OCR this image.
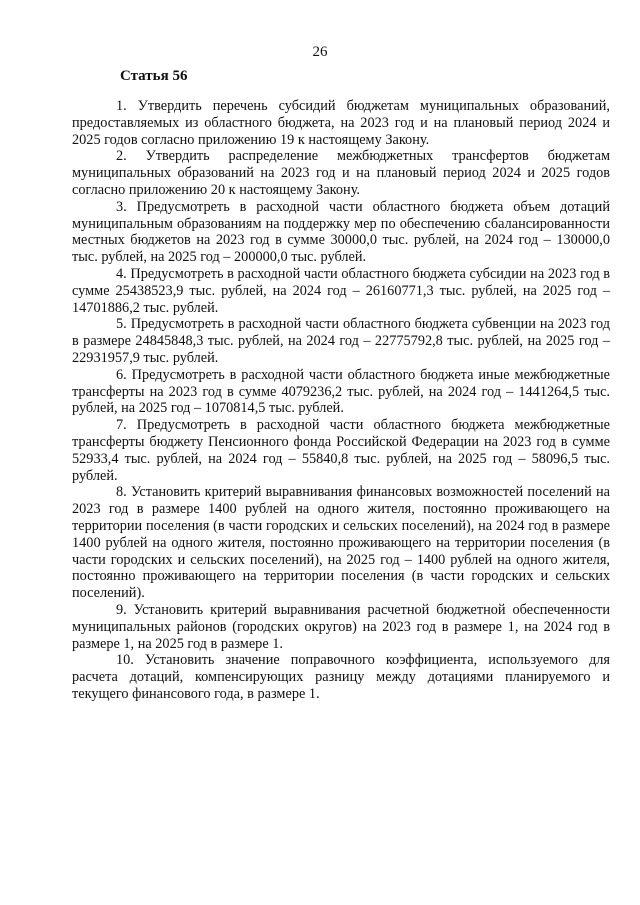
26
Статья 56

1. Утвердить перечень субсидий бюджетам муниципальных образований, предоставляемых из областного бюджета, на 2023 год и на плановый период 2024 и 2025 годов согласно приложению 19 к настоящему Закону.

2. Утвердить распределение межбюджетных трансфертов бюджетам муниципальных образований на 2023 год и на плановый период 2024 и 2025 годов согласно приложению 20 к настоящему Закону.

3. Предусмотреть в расходной части областного бюджета объем дотаций муниципальным образованиям на поддержку мер по обеспечению сбалансированности местных бюджетов на 2023 год в сумме 30000,0 тыс. рублей, на 2024 год – 130000,0 тыс. рублей, на 2025 год – 200000,0 тыс. рублей.

4. Предусмотреть в расходной части областного бюджета субсидии на 2023 год в сумме 25438523,9 тыс. рублей, на 2024 год – 26160771,3 тыс. рублей, на 2025 год – 14701886,2 тыс. рублей.

5. Предусмотреть в расходной части областного бюджета субвенции на 2023 год в размере 24845848,3 тыс. рублей, на 2024 год – 22775792,8 тыс. рублей, на 2025 год – 22931957,9 тыс. рублей.

6. Предусмотреть в расходной части областного бюджета иные межбюджетные трансферты на 2023 год в сумме 4079236,2 тыс. рублей, на 2024 год – 1441264,5 тыс. рублей, на 2025 год – 1070814,5 тыс. рублей.

7. Предусмотреть в расходной части областного бюджета межбюджетные трансферты бюджету Пенсионного фонда Российской Федерации на 2023 год в сумме 52933,4 тыс. рублей, на 2024 год – 55840,8 тыс. рублей, на 2025 год – 58096,5 тыс. рублей.

8. Установить критерий выравнивания финансовых возможностей поселений на 2023 год в размере 1400 рублей на одного жителя, постоянно проживающего на территории поселения (в части городских и сельских поселений), на 2024 год в размере 1400 рублей на одного жителя, постоянно проживающего на территории поселения (в части городских и сельских поселений), на 2025 год – 1400 рублей на одного жителя, постоянно проживающего на территории поселения (в части городских и сельских поселений).

9. Установить критерий выравнивания расчетной бюджетной обеспеченности муниципальных районов (городских округов) на 2023 год в размере 1, на 2024 год в размере 1, на 2025 год в размере 1.

10. Установить значение поправочного коэффициента, используемого для расчета дотаций, компенсирующих разницу между дотациями планируемого и текущего финансового года, в размере 1.
